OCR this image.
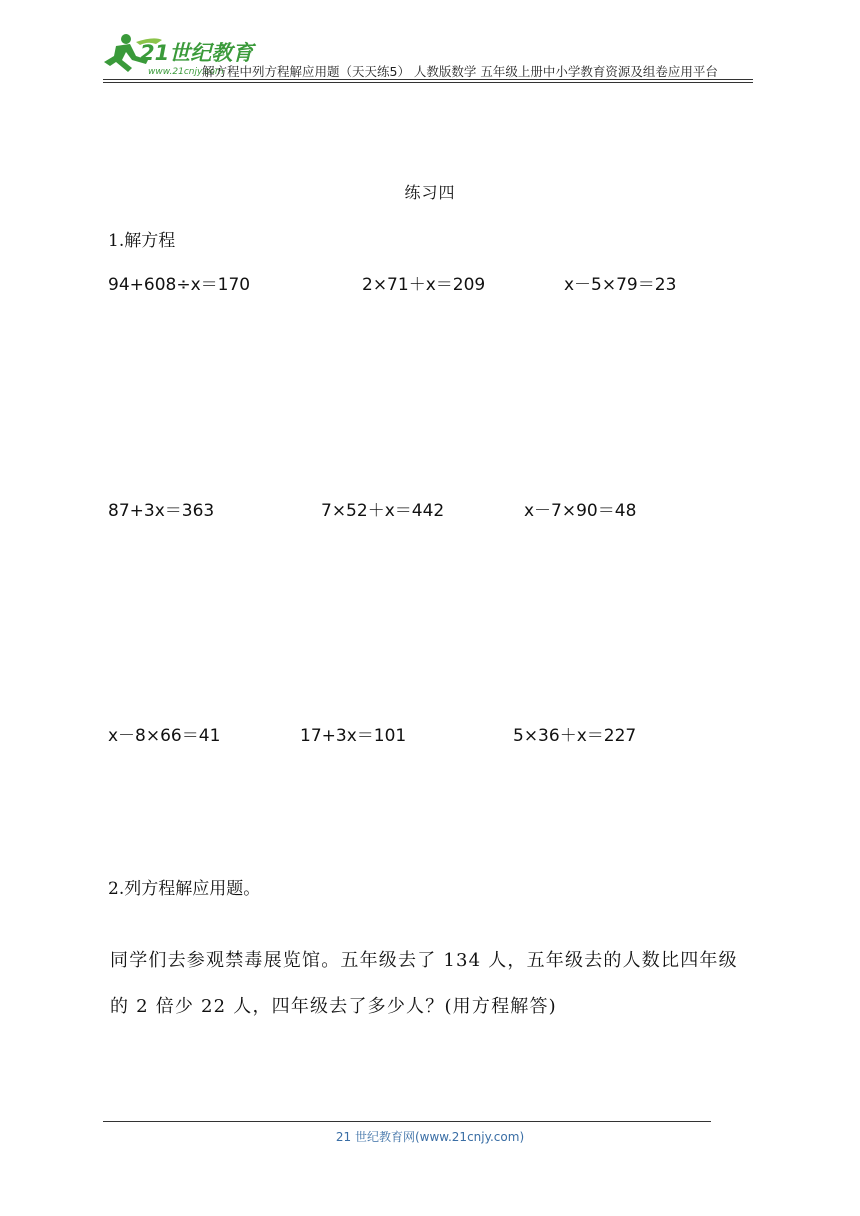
21世纪教育
www.21cnjy.com
解方程中列方程解应用题（天天练5） 人教版数学 五年级上册中小学教育资源及组卷应用平台
练习四
1.解方程
94+608÷x＝170	2×71＋x＝209	x－5×79＝23
87+3x＝363	7×52＋x＝442	x－7×90＝48
x－8×66＝41	17+3x＝101	5×36＋x＝227
2.列方程解应用题。
同学们去参观禁毒展览馆。五年级去了 134 人，五年级去的人数比四年级的 2 倍少 22 人，四年级去了多少人？(用方程解答)
21 世纪教育网(www.21cnjy.com)
